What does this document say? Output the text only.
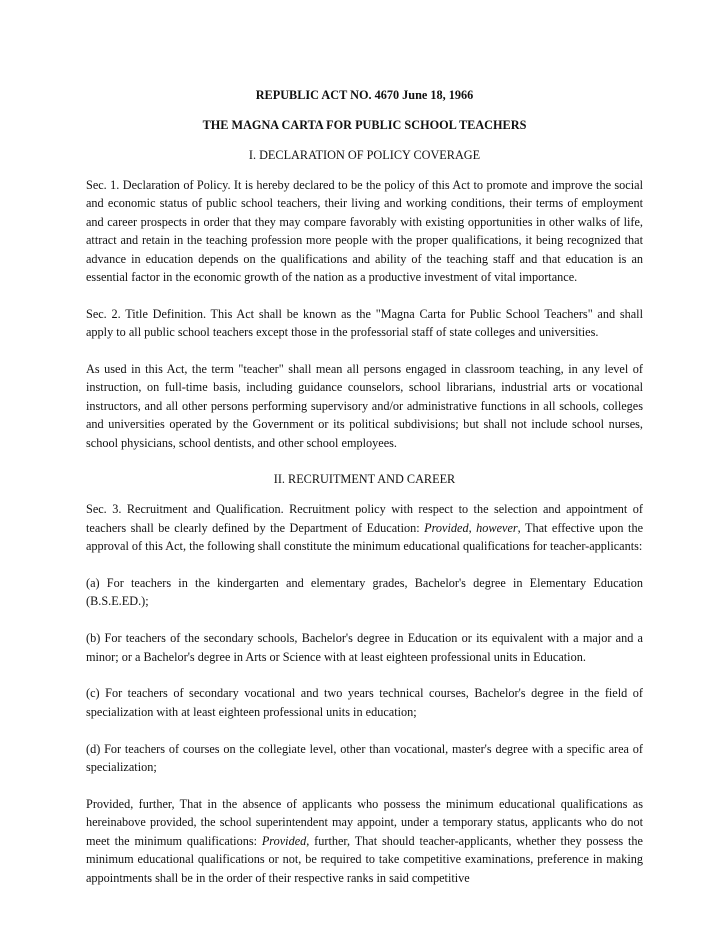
REPUBLIC ACT NO. 4670 June 18, 1966
THE MAGNA CARTA FOR PUBLIC SCHOOL TEACHERS
I. DECLARATION OF POLICY COVERAGE

Sec. 1. Declaration of Policy. It is hereby declared to be the policy of this Act to promote and improve the social and economic status of public school teachers, their living and working conditions, their terms of employment and career prospects in order that they may compare favorably with existing opportunities in other walks of life, attract and retain in the teaching profession more people with the proper qualifications, it being recognized that advance in education depends on the qualifications and ability of the teaching staff and that education is an essential factor in the economic growth of the nation as a productive investment of vital importance.

Sec. 2. Title Definition. This Act shall be known as the "Magna Carta for Public School Teachers" and shall apply to all public school teachers except those in the professorial staff of state colleges and universities.

As used in this Act, the term "teacher" shall mean all persons engaged in classroom teaching, in any level of instruction, on full-time basis, including guidance counselors, school librarians, industrial arts or vocational instructors, and all other persons performing supervisory and/or administrative functions in all schools, colleges and universities operated by the Government or its political subdivisions; but shall not include school nurses, school physicians, school dentists, and other school employees.

II. RECRUITMENT AND CAREER

Sec. 3. Recruitment and Qualification. Recruitment policy with respect to the selection and appointment of teachers shall be clearly defined by the Department of Education: Provided, however, That effective upon the approval of this Act, the following shall constitute the minimum educational qualifications for teacher-applicants:

(a) For teachers in the kindergarten and elementary grades, Bachelor's degree in Elementary Education (B.S.E.ED.);

(b) For teachers of the secondary schools, Bachelor's degree in Education or its equivalent with a major and a minor; or a Bachelor's degree in Arts or Science with at least eighteen professional units in Education.

(c) For teachers of secondary vocational and two years technical courses, Bachelor's degree in the field of specialization with at least eighteen professional units in education;

(d) For teachers of courses on the collegiate level, other than vocational, master's degree with a specific area of specialization;

Provided, further, That in the absence of applicants who possess the minimum educational qualifications as hereinabove provided, the school superintendent may appoint, under a temporary status, applicants who do not meet the minimum qualifications: Provided, further, That should teacher-applicants, whether they possess the minimum educational qualifications or not, be required to take competitive examinations, preference in making appointments shall be in the order of their respective ranks in said competitive
